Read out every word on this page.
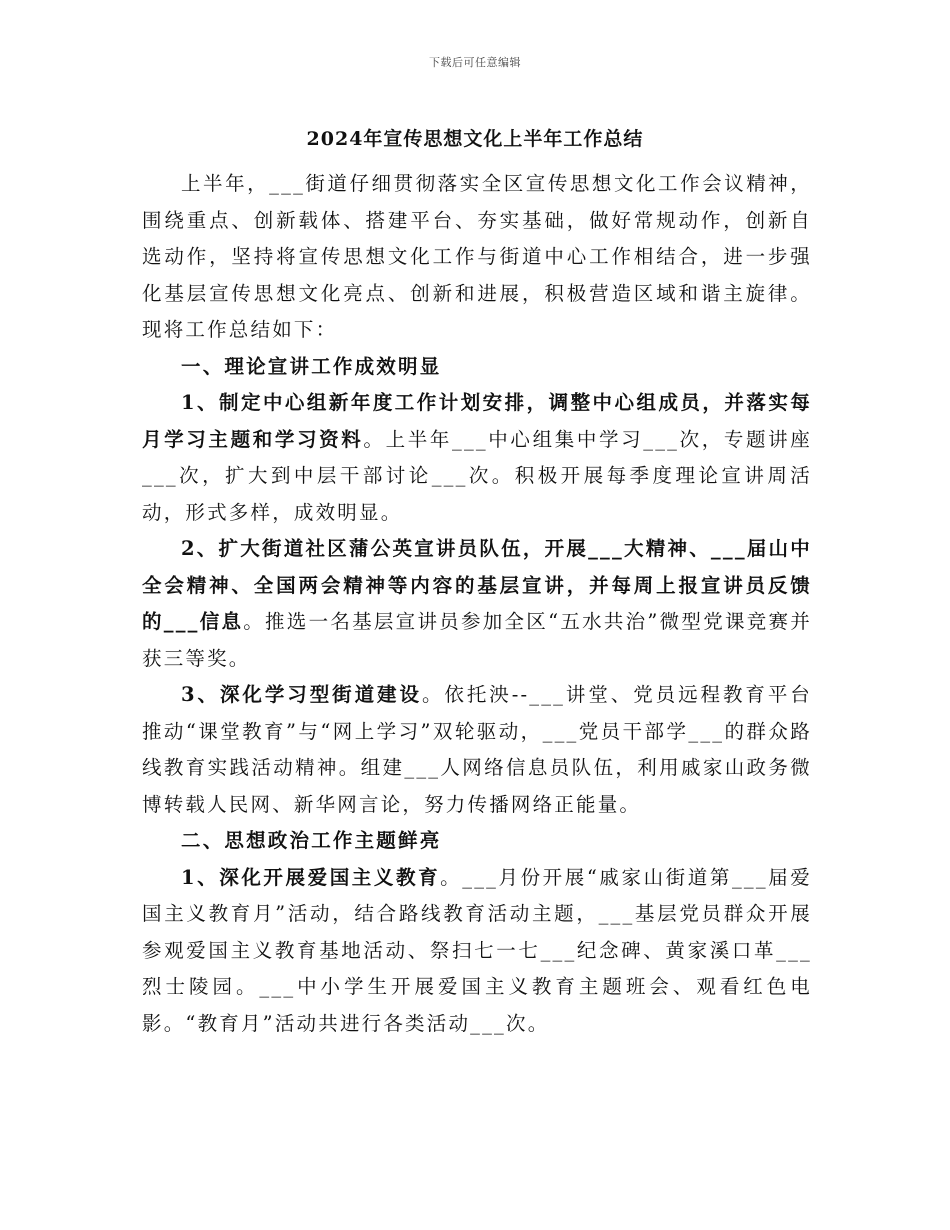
下载后可任意编辑
2024年宣传思想文化上半年工作总结

上半年，___街道仔细贯彻落实全区宣传思想文化工作会议精神，围绕重点、创新载体、搭建平台、夯实基础，做好常规动作，创新自选动作，坚持将宣传思想文化工作与街道中心工作相结合，进一步强化基层宣传思想文化亮点、创新和进展，积极营造区域和谐主旋律。现将工作总结如下：

一、理论宣讲工作成效明显

1、制定中心组新年度工作计划安排，调整中心组成员，并落实每月学习主题和学习资料。上半年___中心组集中学习___次，专题讲座___次，扩大到中层干部讨论___次。积极开展每季度理论宣讲周活动，形式多样，成效明显。

2、扩大街道社区蒲公英宣讲员队伍，开展___大精神、___届山中全会精神、全国两会精神等内容的基层宣讲，并每周上报宣讲员反馈的___信息。推选一名基层宣讲员参加全区“五水共治”微型党课竞赛并获三等奖。

3、深化学习型街道建设。依托泱--___讲堂、党员远程教育平台推动“课堂教育”与“网上学习”双轮驱动，___党员干部学___的群众路线教育实践活动精神。组建___人网络信息员队伍，利用戚家山政务微博转载人民网、新华网言论，努力传播网络正能量。

二、思想政治工作主题鲜亮

1、深化开展爱国主义教育。___月份开展“戚家山街道第___届爱国主义教育月”活动，结合路线教育活动主题，___基层党员群众开展参观爱国主义教育基地活动、祭扫七一七___纪念碑、黄家溪口革___烈士陵园。___中小学生开展爱国主义教育主题班会、观看红色电影。“教育月”活动共进行各类活动___次。
